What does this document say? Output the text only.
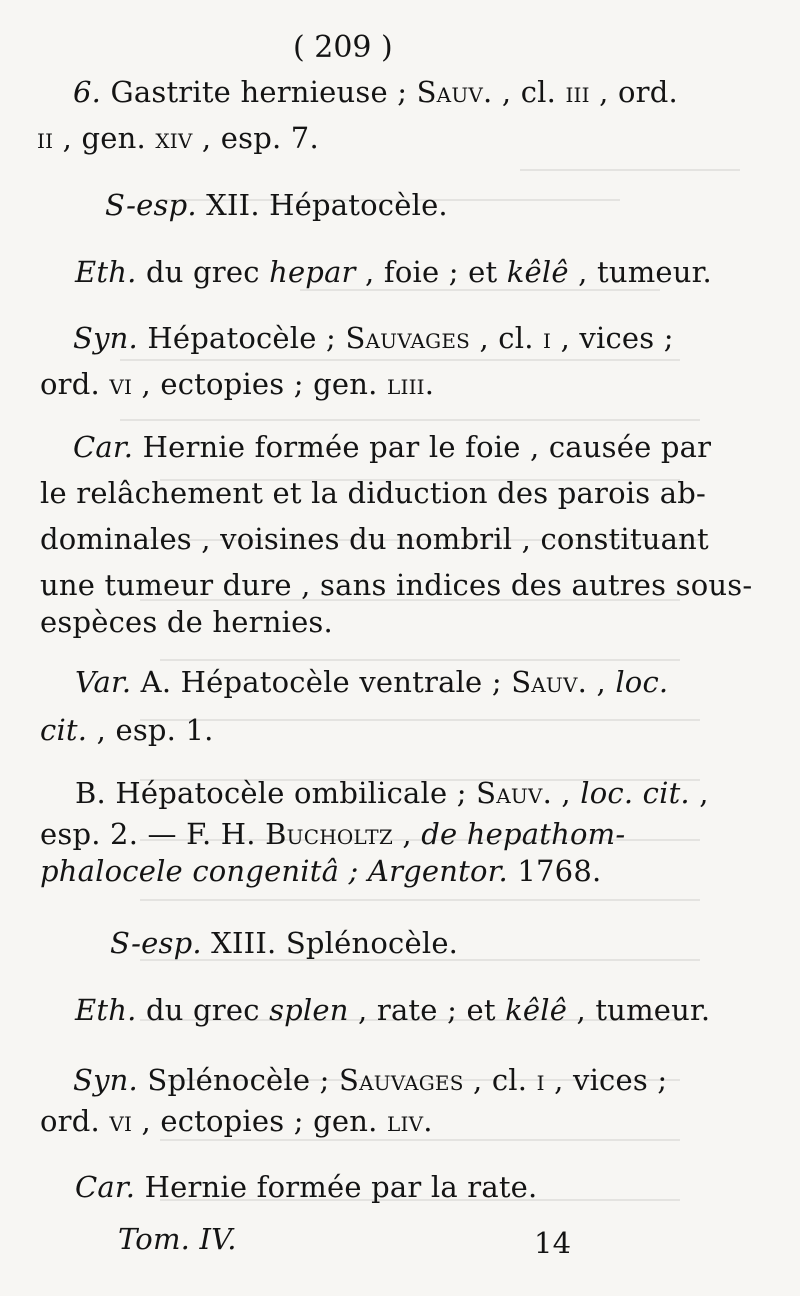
( 209 )
6. Gastrite hernieuse ; Sauv. , cl. iii , ord.
ii , gen. xiv , esp. 7.
S-esp. XII. Hépatocèle.
Eth. du grec hepar , foie ; et kêlê , tumeur.
Syn. Hépatocèle ; Sauvages , cl. i , vices ;
ord. vi , ectopies ; gen. liii.
Car. Hernie formée par le foie , causée par
le relâchement et la diduction des parois ab-
dominales , voisines du nombril , constituant
une tumeur dure , sans indices des autres sous-
espèces de hernies.
Var. A. Hépatocèle ventrale ; Sauv. , loc.
cit. , esp. 1.
B. Hépatocèle ombilicale ; Sauv. , loc. cit. ,
esp. 2. — F. H. Bucholtz , de hepathom-
phalocele congenitâ ; Argentor. 1768.
S-esp. XIII. Splénocèle.
Eth. du grec splen , rate ; et kêlê , tumeur.
Syn. Splénocèle ; Sauvages , cl. i , vices ;
ord. vi , ectopies ; gen. liv.
Car. Hernie formée par la rate.
Tom. IV.	14
